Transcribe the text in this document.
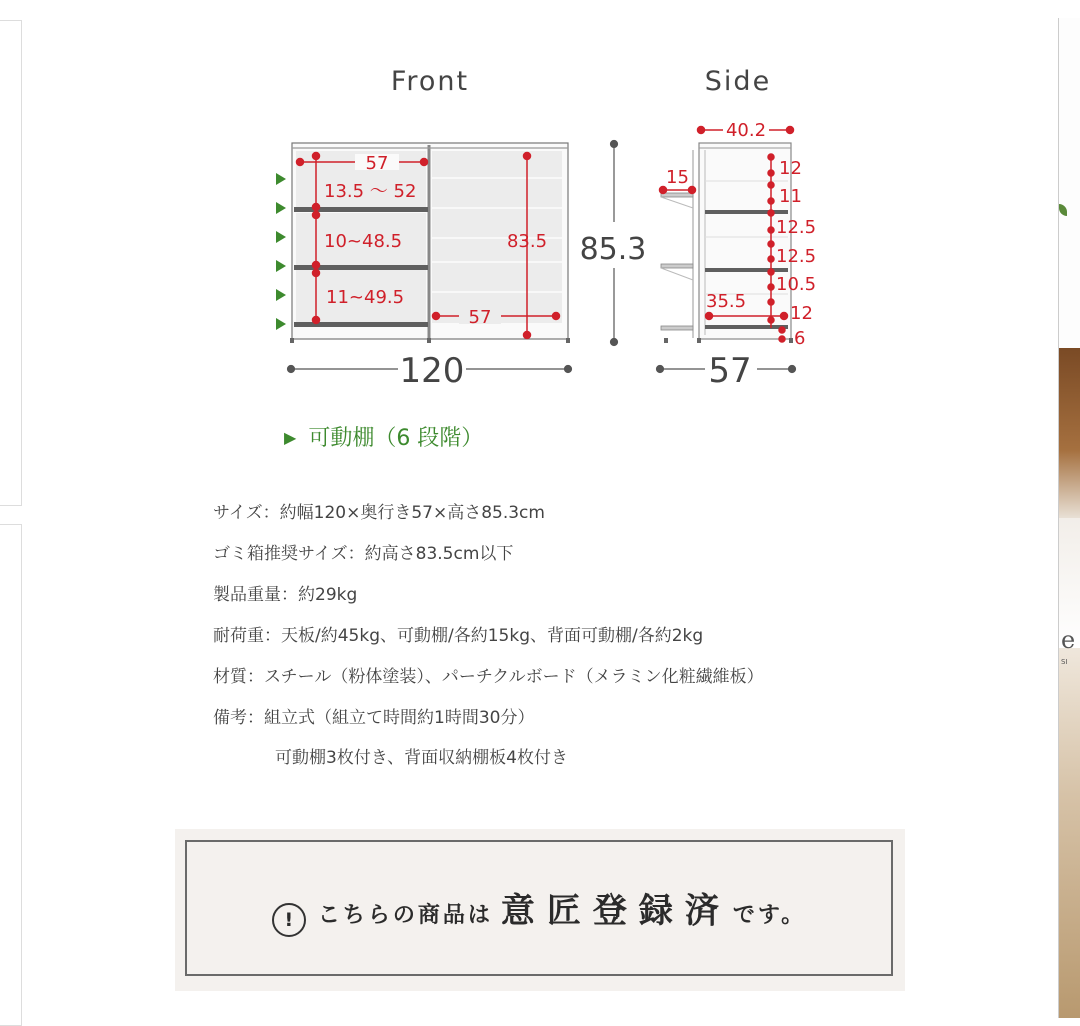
e
SI
Front	Side
57
13.5 〜 52
10~48.5
11~49.5
83.5
57
120
85.3
40.2
15
35.5
12
11
12.5
12.5
10.5
12
6
57
▶ 可動棚（6 段階）
サイズ：約幅120×奥行き57×高さ85.3cm
ゴミ箱推奨サイズ：約高さ83.5cm以下
製品重量：約29kg
耐荷重：天板/約45kg、可動棚/各約15kg、背面可動棚/各約2kg
材質：スチール（粉体塗装）、パーチクルボード（メラミン化粧繊維板）
備考：組立式（組立て時間約1時間30分）
可動棚3枚付き、背面収納棚板4枚付き
!	こちらの商品は 意匠登録済 です。
